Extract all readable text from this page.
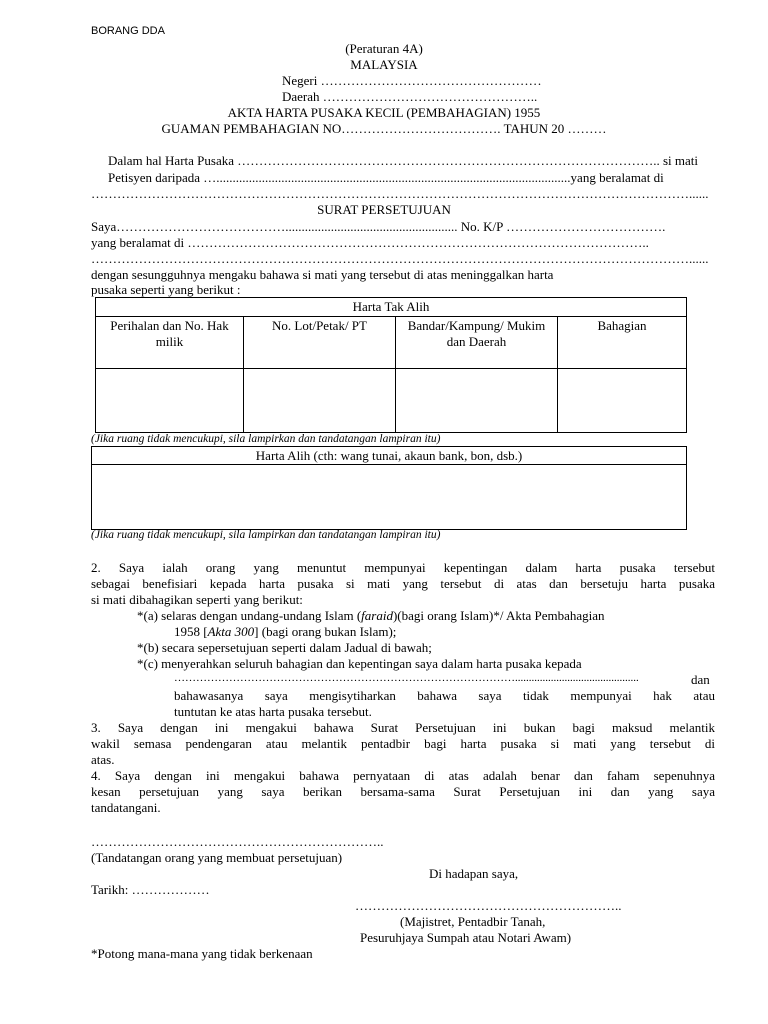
BORANG DDA
(Peraturan 4A)
MALAYSIA
Negeri ……………………………………………
Daerah …………………………………………..
AKTA HARTA PUSAKA KECIL (PEMBAHAGIAN) 1955
GUAMAN PEMBAHAGIAN NO………………………………. TAHUN 20 ………
Dalam hal Harta Pusaka …………………………………………………………………………………….. si mati
Petisyen daripada ….............................................................................................................yang beralamat di
…………………………………………………………………………………………………………………………......
SURAT PERSETUJUAN
Saya…………………………………..................................................... No. K/P ……………………………….
yang beralamat di ……………………………………………………………………………………………..
…………………………………………………………………………………………………………………………......
dengan sesungguhnya mengaku bahawa si mati yang tersebut di atas meninggalkan harta
pusaka seperti yang berikut :
Harta Tak Alih			
Perihalan dan No. Hak milik	No. Lot/Petak/ PT	Bandar/Kampung/ Mukim dan Daerah	Bahagian

(Jika ruang tidak mencukupi, sila lampirkan dan tandatangan lampiran itu)
Harta Alih (cth: wang tunai, akaun bank, bon, dsb.)

(Jika ruang tidak mencukupi, sila lampirkan dan tandatangan lampiran itu)
2. Saya ialah orang yang menuntut mempunyai kepentingan dalam harta pusaka tersebut
sebagai benefisiari kepada harta pusaka si mati yang tersebut di atas dan bersetuju harta pusaka
si mati dibahagikan seperti yang berikut:
*(a) selaras dengan undang-undang Islam (faraid)(bagi orang Islam)*/ Akta Pembahagian
1958 [Akta 300] (bagi orang bukan Islam);
*(b) secara sepersetujuan seperti dalam Jadual di bawah;
*(c) menyerahkan seluruh bahagian dan kepentingan saya dalam harta pusaka kepada
………………………………………………………………………………….............................................	dan
bahawasanya saya mengisytiharkan bahawa saya tidak mempunyai hak atau
tuntutan ke atas harta pusaka tersebut.
3. Saya dengan ini mengakui bahawa Surat Persetujuan ini bukan bagi maksud melantik
wakil semasa pendengaran atau melantik pentadbir bagi harta pusaka si mati yang tersebut di
atas.
4. Saya dengan ini mengakui bahawa pernyataan di atas adalah benar dan faham sepenuhnya
kesan persetujuan yang saya berikan bersama-sama Surat Persetujuan ini dan yang saya
tandatangani.
…………………………………………………………..
(Tandatangan orang yang membuat persetujuan)
Di hadapan saya,
Tarikh: ………………
……………………………………………………..
(Majistret, Pentadbir Tanah,
Pesuruhjaya Sumpah atau Notari Awam)
*Potong mana-mana yang tidak berkenaan
